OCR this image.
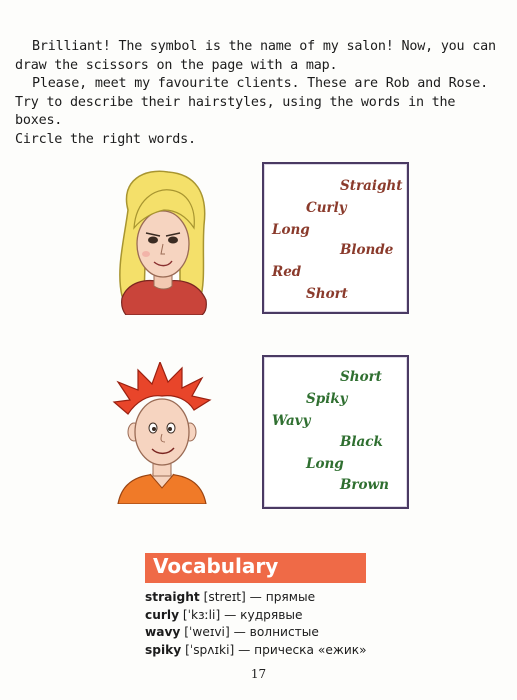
Brilliant! The symbol is the name of my salon! Now, you can

draw the scissors on the page with a map.

Please, meet my favourite clients. These are Rob and Rose.

Try to describe their hairstyles, using the words in the boxes.

Circle the right words.

Straight
Curly
Long
Blonde
Red
Short
Short
Spiky
Wavy
Black
Long
Brown
Vocabulary
straight [streɪt] — прямые
curly [ˈkɜːli] — кудрявые
wavy [ˈweɪvi] — волнистые
spiky [ˈspʌɪki] — прическа «ежик»
17
